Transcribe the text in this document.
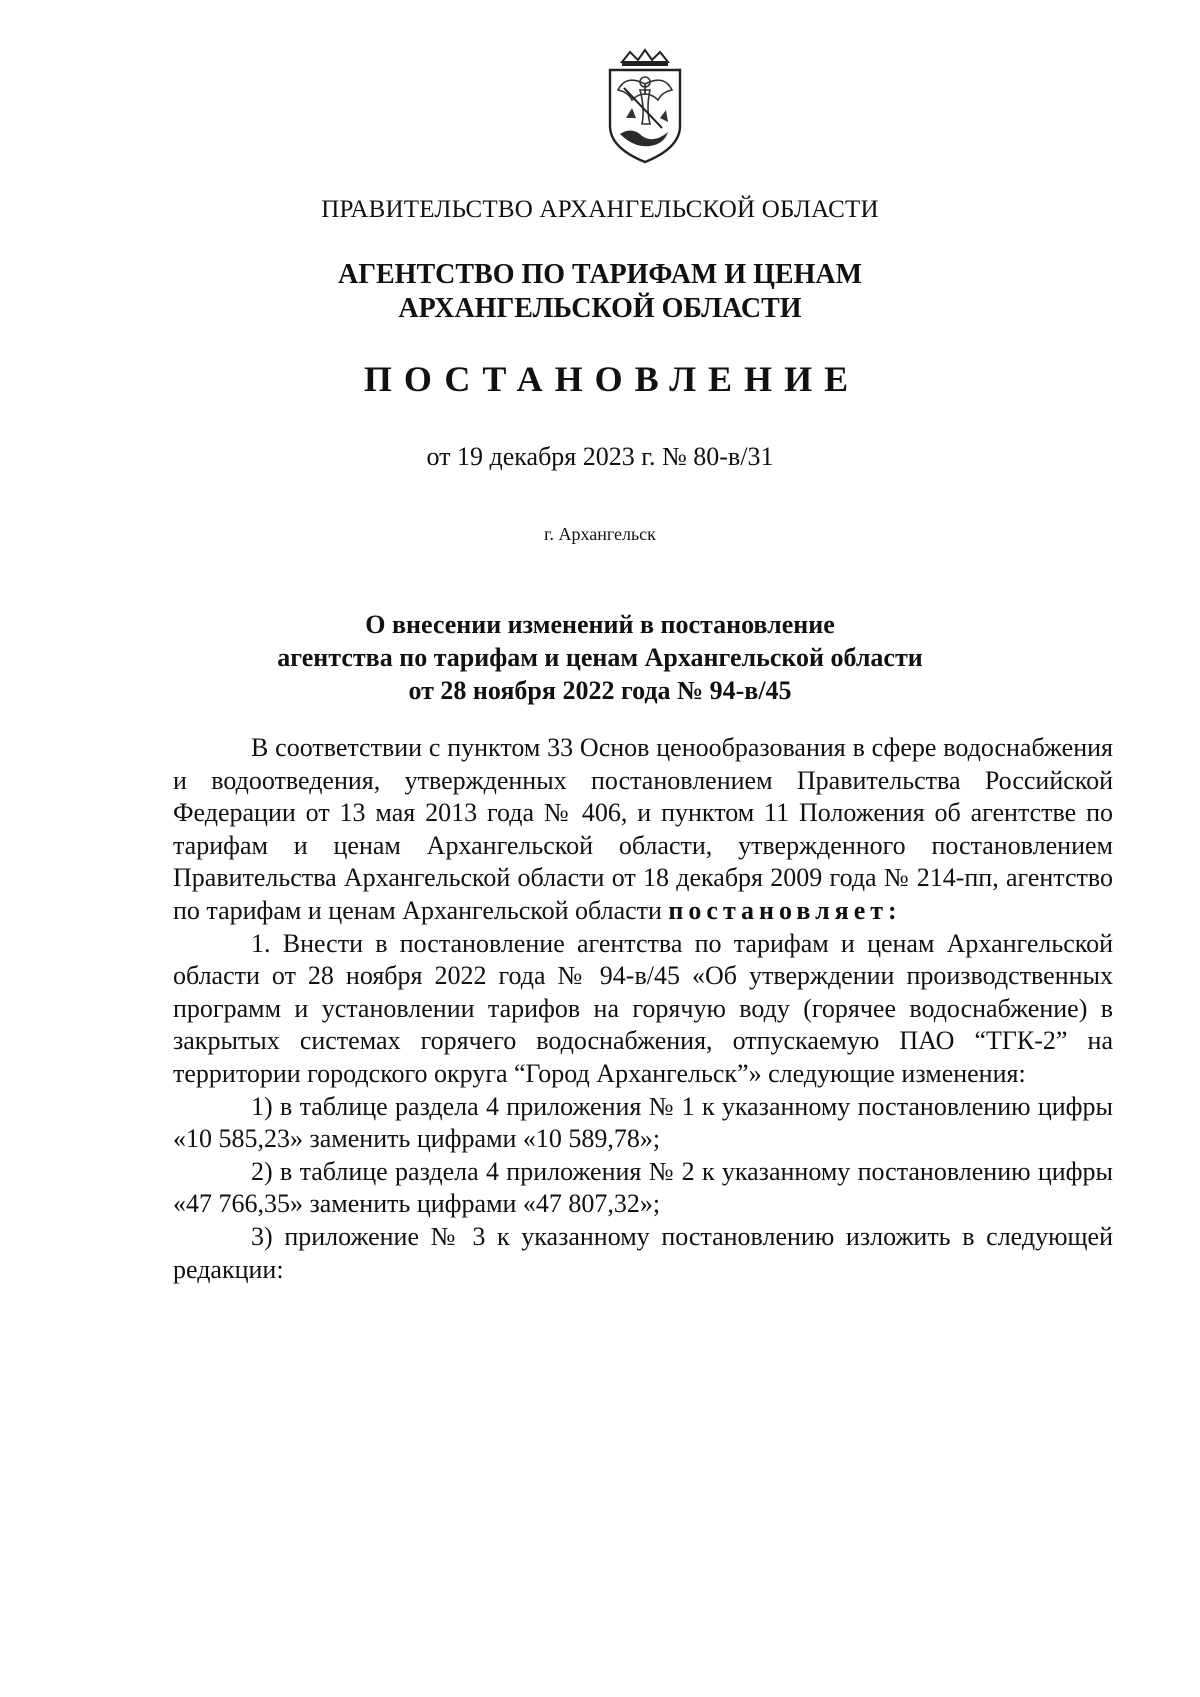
ПРАВИТЕЛЬСТВО АРХАНГЕЛЬСКОЙ ОБЛАСТИ
АГЕНТСТВО ПО ТАРИФАМ И ЦЕНАМ
АРХАНГЕЛЬСКОЙ ОБЛАСТИ
ПОСТАНОВЛЕНИЕ
от 19 декабря 2023 г. № 80-в/31
г. Архангельск
О внесении изменений в постановление
агентства по тарифам и ценам Архангельской области
от 28 ноября 2022 года № 94-в/45

В соответствии с пунктом 33 Основ ценообразования в сфере водоснабжения и водоотведения, утвержденных постановлением Правительства Российской Федерации от 13 мая 2013 года № 406, и пунктом 11 Положения об агентстве по тарифам и ценам Архангельской области, утвержденного постановлением Правительства Архангельской области от 18 декабря 2009 года № 214-пп, агентство по тарифам и ценам Архангельской области постановляет:

1. Внести в постановление агентства по тарифам и ценам Архангельской области от 28 ноября 2022 года № 94-в/45 «Об утверждении производственных программ и установлении тарифов на горячую воду (горячее водоснабжение) в закрытых системах горячего водоснабжения, отпускаемую ПАО “ТГК-2” на территории городского округа “Город Архангельск”» следующие изменения:

1) в таблице раздела 4 приложения № 1 к указанному постановлению цифры «10 585,23» заменить цифрами «10 589,78»;

2) в таблице раздела 4 приложения № 2 к указанному постановлению цифры «47 766,35» заменить цифрами «47 807,32»;

3) приложение № 3 к указанному постановлению изложить в следующей редакции:
